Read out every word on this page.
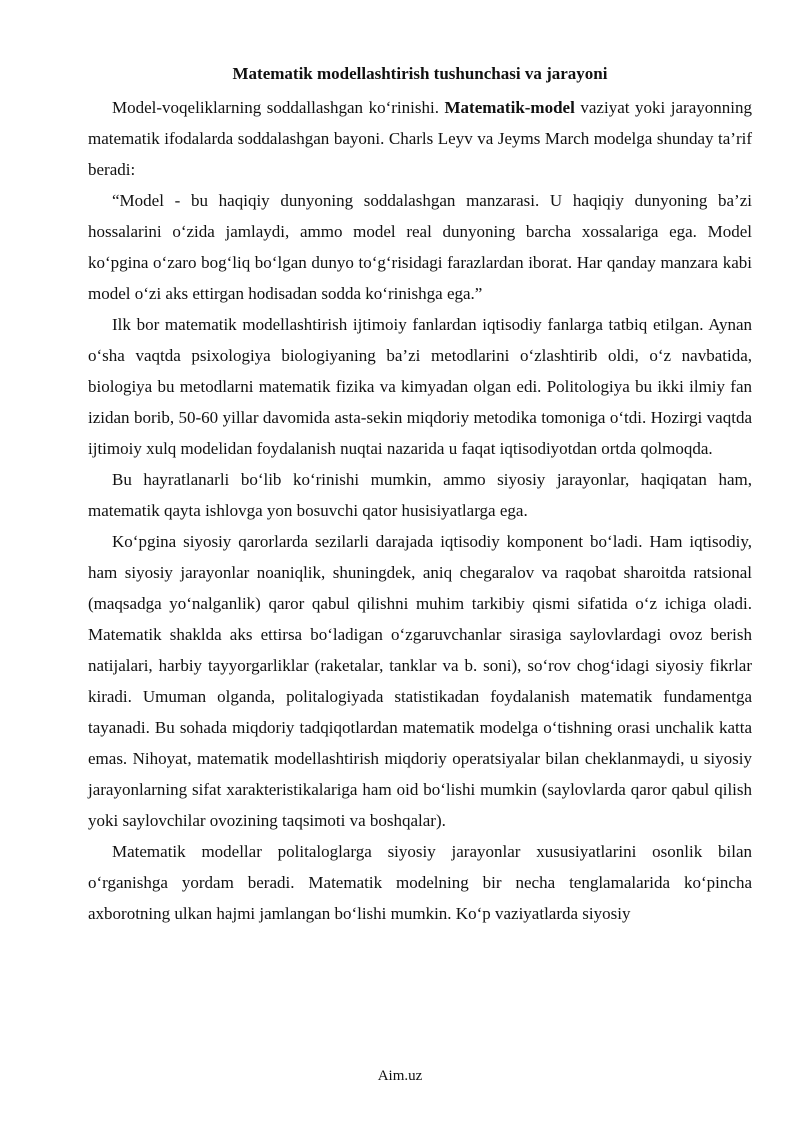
Matematik modellashtirish tushunchasi va jarayoni

Model-voqeliklarning soddallashgan ko‘rinishi. Matematik-model vaziyat yoki jarayonning matematik ifodalarda soddalashgan bayoni. Charls Leyv va Jeyms March modelga shunday ta’rif beradi:

“Model - bu haqiqiy dunyoning soddalashgan manzarasi. U haqiqiy dunyoning ba’zi hossalarini o‘zida jamlaydi, ammo model real dunyoning barcha xossalariga ega. Model ko‘pgina o‘zaro bog‘liq bo‘lgan dunyo to‘g‘risidagi farazlardan iborat. Har qanday manzara kabi model o‘zi aks ettirgan hodisadan sodda ko‘rinishga ega.”

Ilk bor matematik modellashtirish ijtimoiy fanlardan iqtisodiy fanlarga tatbiq etilgan. Aynan o‘sha vaqtda psixologiya biologiyaning ba’zi metodlarini o‘zlashtirib oldi, o‘z navbatida, biologiya bu metodlarni matematik fizika va kimyadan olgan edi. Politologiya bu ikki ilmiy fan izidan borib, 50-60 yillar davomida asta-sekin miqdoriy metodika tomoniga o‘tdi. Hozirgi vaqtda ijtimoiy xulq modelidan foydalanish nuqtai nazarida u faqat iqtisodiyotdan ortda qolmoqda.

Bu hayratlanarli bo‘lib ko‘rinishi mumkin, ammo siyosiy jarayonlar, haqiqatan ham, matematik qayta ishlovga yon bosuvchi qator husisiyatlarga ega.

Ko‘pgina siyosiy qarorlarda sezilarli darajada iqtisodiy komponent bo‘ladi. Ham iqtisodiy, ham siyosiy jarayonlar noaniqlik, shuningdek, aniq chegaralov va raqobat sharoitda ratsional (maqsadga yo‘nalganlik) qaror qabul qilishni muhim tarkibiy qismi sifatida o‘z ichiga oladi. Matematik shaklda aks ettirsa bo‘ladigan o‘zgaruvchanlar sirasiga saylovlardagi ovoz berish natijalari, harbiy tayyorgarliklar (raketalar, tanklar va b. soni), so‘rov chog‘idagi siyosiy fikrlar kiradi. Umuman olganda, politalogiyada statistikadan foydalanish matematik fundamentga tayanadi. Bu sohada miqdoriy tadqiqotlardan matematik modelga o‘tishning orasi unchalik katta emas. Nihoyat, matematik modellashtirish miqdoriy operatsiyalar bilan cheklanmaydi, u siyosiy jarayonlarning sifat xarakteristikalariga ham oid bo‘lishi mumkin (saylovlarda qaror qabul qilish yoki saylovchilar ovozining taqsimoti va boshqalar).

Matematik modellar politaloglarga siyosiy jarayonlar xususiyatlarini osonlik bilan o‘rganishga yordam beradi. Matematik modelning bir necha tenglamalarida ko‘pincha axborotning ulkan hajmi jamlangan bo‘lishi mumkin. Ko‘p vaziyatlarda siyosiy

Aim.uz
